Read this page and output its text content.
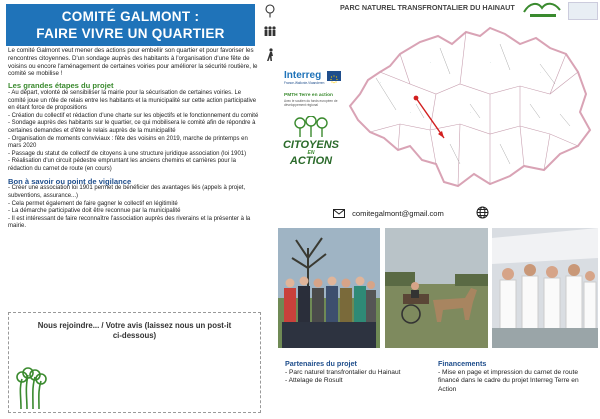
COMITÉ GALMONT :
FAIRE VIVRE UN QUARTIER
Le comité Galmont veut mener des actions pour embellir son quartier et pour favoriser les rencontres citoyennes. D'un sondage auprès des habitants à l'organisation d'une fête de voisins ou encore l'aménagement de certaines voiries pour améliorer la sécurité routière, le comité se mobilise !
Les grandes étapes du projet
- Au départ, volonté de sensibiliser la mairie pour la sécurisation de certaines voiries. Le comité joue un rôle de relais entre les habitants et la municipalité sur cette action participative en étant force de propositions
- Création du collectif et rédaction d'une charte sur les objectifs et le fonctionnement du comité
- Sondage auprès des habitants sur le quartier, ce qui mobilisera le comité afin de répondre à certaines demandes et d'être le relais auprès de la municipalité
- Organisation de moments conviviaux : fête des voisins en 2019, marche de printemps en mars 2020
- Passage du statut de collectif de citoyens à une structure juridique association (loi 1901)
- Réalisation d'un circuit pédestre empruntant les anciens chemins et carrières pour la rédaction du carnet de route (en cours)
Bon à savoir ou point de vigilance
- Créer une association loi 1901 permet de bénéficier des avantages liés (appels à projet, subventions, assurance...)
- Cela permet également de faire gagner le collectif en légitimité
- La démarche participative doit être reconnue par la municipalité
- Il est intéressant de faire reconnaître l'association auprès des riverains et la présenter à la mairie.
Nous rejoindre... / Votre avis (laissez nous un post-it
ci-dessous)
PARC NATUREL TRANSFRONTALIER DU HAINAUT
·
·	·
·
·	·
Interreg
France-Wallonie-Vlaanderen
PMTH Terre en action
Avec le soutien du fonds européen de développement régional
CITOYENS
EN
ACTION
comitegalmont@gmail.com
Partenaires du projet
- Parc naturel transfrontalier du Hainaut
- Attelage de Rosult
Financements
- Mise en page et impression du carnet de route financé dans le cadre du projet Interreg Terre en Action
